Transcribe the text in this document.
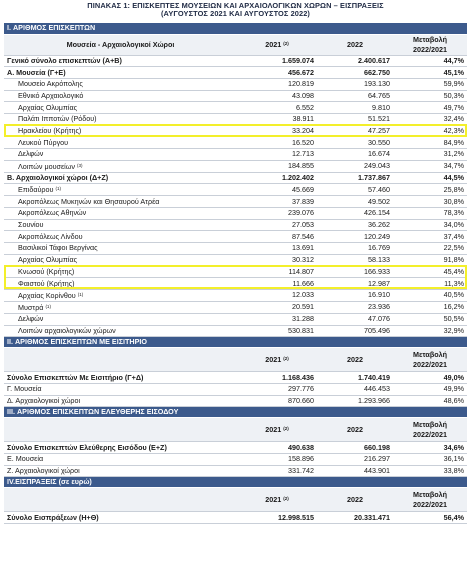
ΠΙΝΑΚΑΣ 1: ΕΠΙΣΚΕΠΤΕΣ ΜΟΥΣΕΙΩΝ ΚΑΙ ΑΡΧΑΙΟΛΟΓΙΚΩΝ ΧΩΡΩΝ – ΕΙΣΠΡΑΞΕΙΣ
(ΑΥΓΟΥΣΤΟΣ 2021 ΚΑΙ ΑΥΓΟΥΣΤΟΣ 2022)
I. ΑΡΙΘΜΟΣ ΕΠΙΣΚΕΠΤΩΝ			
Μουσεία - Αρχαιολογικοί Χώροι	2021 $^{(2)}$	2022	Μεταβολή
2022/2021
Γενικό σύνολο επισκεπτών (Α+Β)	1.659.074	2.400.617	44,7%
Α. Μουσεία (Γ+Ε)	456.672	662.750	45,1%
Μουσείο Ακρόπολης	120.819	193.130	59,9%
Εθνικό Αρχαιολογικό	43.098	64.765	50,3%
Αρχαίας Ολυμπίας	6.552	9.810	49,7%
Παλάτι Ιπποτών (Ρόδου)	38.911	51.521	32,4%
Ηρακλείου (Κρήτης)	33.204	47.257	42,3%
Λευκού Πύργου	16.520	30.550	84,9%
Δελφών	12.713	16.674	31,2%
Λοιπών μουσείων $^{(3)}$	184.855	249.043	34,7%
Β. Αρχαιολογικοί χώροι (Δ+Ζ)	1.202.402	1.737.867	44,5%
Επιδαύρου $^{(1)}$	45.669	57.460	25,8%
Ακροπόλεως Μυκηνών και Θησαυρού Ατρέα	37.839	49.502	30,8%
Ακροπόλεως Αθηνών	239.076	426.154	78,3%
Σουνίου	27.053	36.262	34,0%
Ακροπόλεως Λίνδου	87.546	120.249	37,4%
Βασιλικοί Τάφοι Βεργίνας	13.691	16.769	22,5%
Αρχαίας Ολυμπίας	30.312	58.133	91,8%
Κνωσού (Κρήτης)	114.807	166.933	45,4%
Φαιστού (Κρήτης)	11.666	12.987	11,3%
Αρχαίας Κορίνθου $^{(1)}$	12.033	16.910	40,5%
Μυστρά $^{(1)}$	20.591	23.936	16,2%
Δελφών	31.288	47.076	50,5%
Λοιπών αρχαιολογικών χώρων	530.831	705.496	32,9%
II. ΑΡΙΘΜΟΣ ΕΠΙΣΚΕΠΤΩΝ ΜΕ ΕΙΣΙΤΗΡΙΟ			
	2021 $^{(2)}$	2022	Μεταβολή
2022/2021
Σύνολο Επισκεπτών Με Εισιτήριο (Γ+Δ)	1.168.436	1.740.419	49,0%
Γ. Μουσεία	297.776	446.453	49,9%
Δ. Αρχαιολογικοί χώροι	870.660	1.293.966	48,6%
III. ΑΡΙΘΜΟΣ ΕΠΙΣΚΕΠΤΩΝ ΕΛΕΥΘΕΡΗΣ ΕΙΣΟΔΟΥ			
	2021 $^{(2)}$	2022	Μεταβολή
2022/2021
Σύνολο Επισκεπτών Ελεύθερης Εισόδου (Ε+Ζ)	490.638	660.198	34,6%
Ε. Μουσεία	158.896	216.297	36,1%
Ζ. Αρχαιολογικοί χώροι	331.742	443.901	33,8%
IV.ΕΙΣΠΡΑΞΕΙΣ (σε ευρώ)			
	2021 $^{(2)}$	2022	Μεταβολή
2022/2021
Σύνολο Εισπράξεων (Η+Θ)	12.998.515	20.331.471	56,4%
